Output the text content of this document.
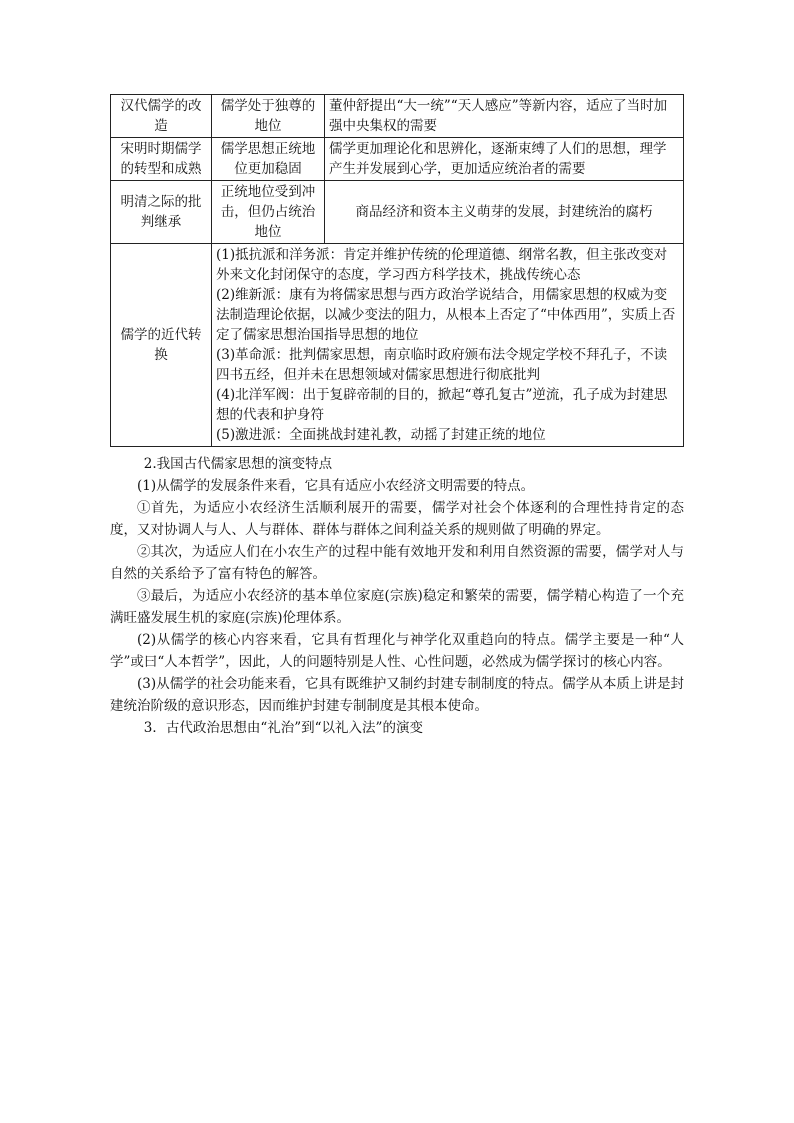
汉代儒学的改造	儒学处于独尊的地位	董仲舒提出“大一统”“天人感应”等新内容，适应了当时加强中央集权的需要
宋明时期儒学的转型和成熟	儒学思想正统地位更加稳固	儒学更加理论化和思辨化，逐渐束缚了人们的思想，理学产生并发展到心学，更加适应统治者的需要
明清之际的批判继承	正统地位受到冲击，但仍占统治地位	商品经济和资本主义萌芽的发展，封建统治的腐朽
儒学的近代转换	(1)抵抗派和洋务派：肯定并维护传统的伦理道德、纲常名教，但主张改变对外来文化封闭保守的态度，学习西方科学技术，挑战传统心态
(2)维新派：康有为将儒家思想与西方政治学说结合，用儒家思想的权威为变法制造理论依据，以减少变法的阻力，从根本上否定了“中体西用”，实质上否定了儒家思想治国指导思想的地位
(3)革命派：批判儒家思想，南京临时政府颁布法令规定学校不拜孔子，不读四书五经，但并未在思想领域对儒家思想进行彻底批判
(4)北洋军阀：出于复辟帝制的目的，掀起“尊孔复古”逆流，孔子成为封建思想的代表和护身符
(5)激进派：全面挑战封建礼教，动摇了封建正统的地位	

2.我国古代儒家思想的演变特点

(1)从儒学的发展条件来看，它具有适应小农经济文明需要的特点。

①首先，为适应小农经济生活顺利展开的需要，儒学对社会个体逐利的合理性持肯定的态度，又对协调人与人、人与群体、群体与群体之间利益关系的规则做了明确的界定。

②其次，为适应人们在小农生产的过程中能有效地开发和利用自然资源的需要，儒学对人与自然的关系给予了富有特色的解答。

③最后，为适应小农经济的基本单位家庭(宗族)稳定和繁荣的需要，儒学精心构造了一个充满旺盛发展生机的家庭(宗族)伦理体系。

(2)从儒学的核心内容来看，它具有哲理化与神学化双重趋向的特点。儒学主要是一种“人学”或曰“人本哲学”，因此，人的问题特别是人性、心性问题，必然成为儒学探讨的核心内容。

(3)从儒学的社会功能来看，它具有既维护又制约封建专制制度的特点。儒学从本质上讲是封建统治阶级的意识形态，因而维护封建专制制度是其根本使命。

3．古代政治思想由“礼治”到“以礼入法”的演变
